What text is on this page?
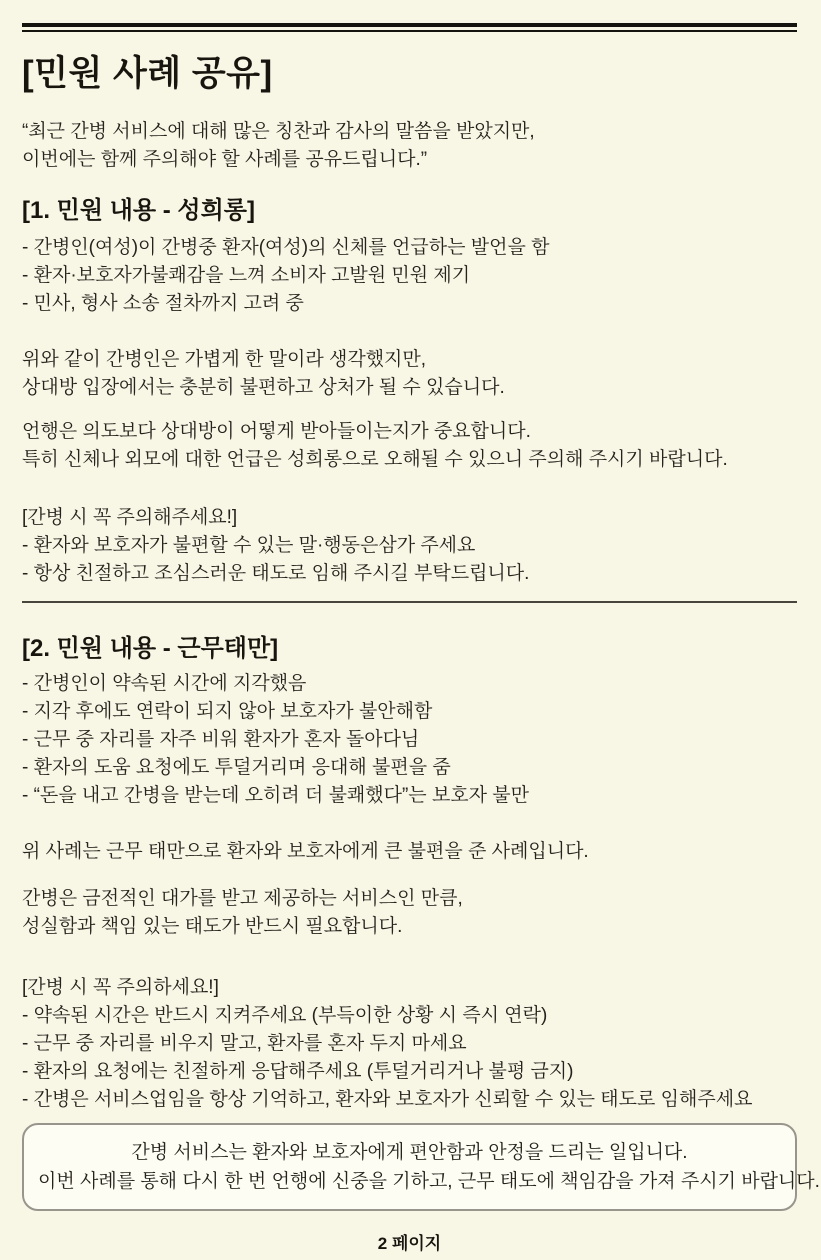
[민원 사례 공유]
“최근 간병 서비스에 대해 많은 칭찬과 감사의 말씀을 받았지만,
이번에는 함께 주의해야 할 사례를 공유드립니다.”
[1. 민원 내용 - 성희롱]
- 간병인(여성)이 간병중 환자(여성)의 신체를 언급하는 발언을 함
- 환자·보호자가불쾌감을 느껴 소비자 고발원 민원 제기
- 민사, 형사 소송 절차까지 고려 중
위와 같이 간병인은 가볍게 한 말이라 생각했지만,
상대방 입장에서는 충분히 불편하고 상처가 될 수 있습니다.
언행은 의도보다 상대방이 어떻게 받아들이는지가 중요합니다.
특히 신체나 외모에 대한 언급은 성희롱으로 오해될 수 있으니 주의해 주시기 바랍니다.
[간병 시 꼭 주의해주세요!]
- 환자와 보호자가 불편할 수 있는 말·행동은삼가 주세요
- 항상 친절하고 조심스러운 태도로 임해 주시길 부탁드립니다.
[2. 민원 내용 - 근무태만]
- 간병인이 약속된 시간에 지각했음
- 지각 후에도 연락이 되지 않아 보호자가 불안해함
- 근무 중 자리를 자주 비워 환자가 혼자 돌아다님
- 환자의 도움 요청에도 투덜거리며 응대해 불편을 줌
- “돈을 내고 간병을 받는데 오히려 더 불쾌했다”는 보호자 불만
위 사례는 근무 태만으로 환자와 보호자에게 큰 불편을 준 사례입니다.
간병은 금전적인 대가를 받고 제공하는 서비스인 만큼,
성실함과 책임 있는 태도가 반드시 필요합니다.
[간병 시 꼭 주의하세요!]
- 약속된 시간은 반드시 지켜주세요 (부득이한 상황 시 즉시 연락)
- 근무 중 자리를 비우지 말고, 환자를 혼자 두지 마세요
- 환자의 요청에는 친절하게 응답해주세요 (투덜거리거나 불평 금지)
- 간병은 서비스업임을 항상 기억하고, 환자와 보호자가 신뢰할 수 있는 태도로 임해주세요
간병 서비스는 환자와 보호자에게 편안함과 안정을 드리는 일입니다.
이번 사례를 통해 다시 한 번 언행에 신중을 기하고, 근무 태도에 책임감을 가져 주시기 바랍니다.
2 페이지
